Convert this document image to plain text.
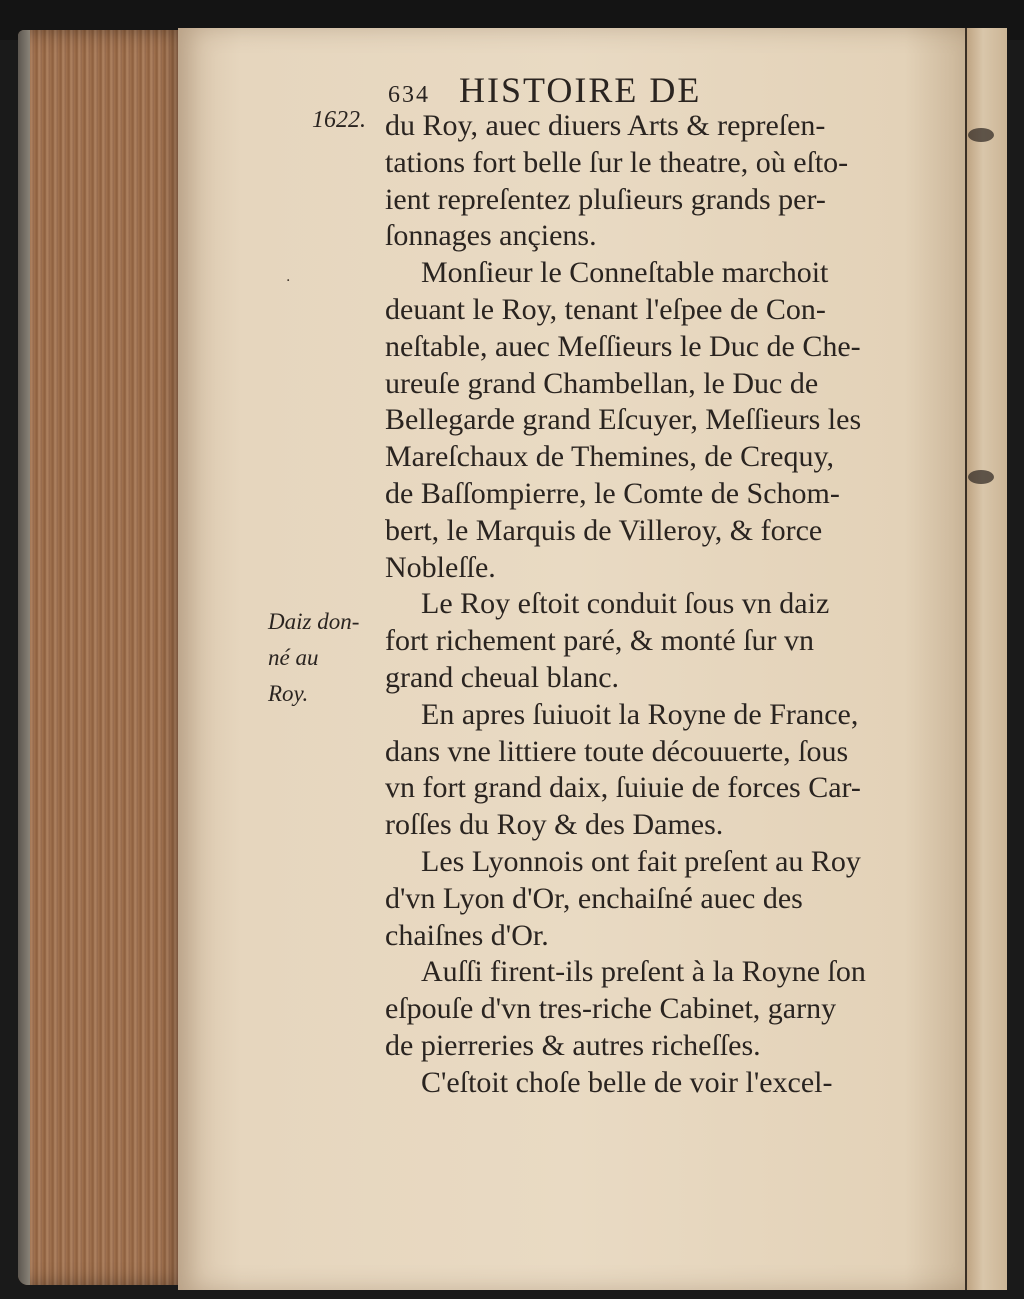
634 HISTOIRE DE
1622.
·
Daiz don-
né au
Roy.
du Roy, auec diuers Arts & repreſen-
tations fort belle ſur le theatre, où eſto-
ient repreſentez pluſieurs grands per-
ſonnages ançiens.
Monſieur le Conneſtable marchoit
deuant le Roy, tenant l'eſpee de Con-
neſtable, auec Meſſieurs le Duc de Che-
ureuſe grand Chambellan, le Duc de
Bellegarde grand Eſcuyer, Meſſieurs les
Mareſchaux de Themines, de Crequy,
de Baſſompierre, le Comte de Schom-
bert, le Marquis de Villeroy, & force
Nobleſſe.
Le Roy eſtoit conduit ſous vn daiz
fort richement paré, & monté ſur vn
grand cheual blanc.
En apres ſuiuoit la Royne de France,
dans vne littiere toute découuerte, ſous
vn fort grand daix, ſuiuie de forces Car-
roſſes du Roy & des Dames.
Les Lyonnois ont fait preſent au Roy
d'vn Lyon d'Or, enchaiſné auec des
chaiſnes d'Or.
Auſſi firent-ils preſent à la Royne ſon
eſpouſe d'vn tres-riche Cabinet, garny
de pierreries & autres richeſſes.
C'eſtoit choſe belle de voir l'excel-
